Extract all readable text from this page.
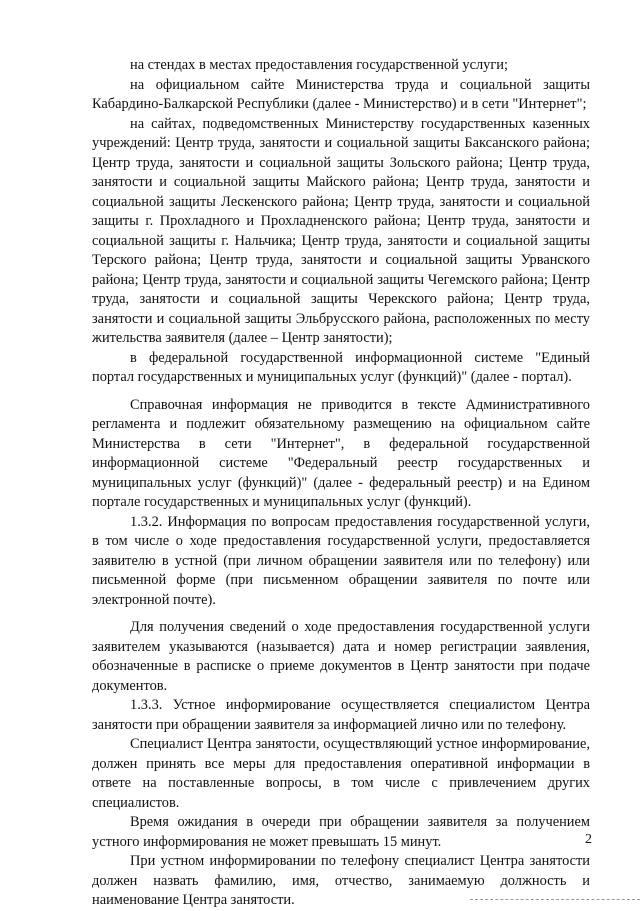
на стендах в местах предоставления государственной услуги;

на официальном сайте Министерства труда и социальной защиты Кабардино-Балкарской Республики (далее - Министерство) и в сети "Интернет";

на сайтах, подведомственных Министерству государственных казенных учреждений: Центр труда, занятости и социальной защиты Баксанского района; Центр труда, занятости и социальной защиты Зольского района; Центр труда, занятости и социальной защиты Майского района; Центр труда, занятости и социальной защиты Лескенского района; Центр труда, занятости и социальной защиты г. Прохладного и Прохладненского района; Центр труда, занятости и социальной защиты г. Нальчика; Центр труда, занятости и социальной защиты Терского района; Центр труда, занятости и социальной защиты Урванского района; Центр труда, занятости и социальной защиты Чегемского района; Центр труда, занятости и социальной защиты Черекского района; Центр труда, занятости и социальной защиты Эльбрусского района, расположенных по месту жительства заявителя (далее – Центр занятости);

в федеральной государственной информационной системе "Единый портал государственных и муниципальных услуг (функций)" (далее - портал).

Справочная информация не приводится в тексте Административного регламента и подлежит обязательному размещению на официальном сайте Министерства в сети "Интернет", в федеральной государственной информационной системе "Федеральный реестр государственных и муниципальных услуг (функций)" (далее - федеральный реестр) и на Едином портале государственных и муниципальных услуг (функций).

1.3.2. Информация по вопросам предоставления государственной услуги, в том числе о ходе предоставления государственной услуги, предоставляется заявителю в устной (при личном обращении заявителя или по телефону) или письменной форме (при письменном обращении заявителя по почте или электронной почте).

Для получения сведений о ходе предоставления государственной услуги заявителем указываются (называется) дата и номер регистрации заявления, обозначенные в расписке о приеме документов в Центр занятости при подаче документов.

1.3.3. Устное информирование осуществляется специалистом Центра занятости при обращении заявителя за информацией лично или по телефону.

Специалист Центра занятости, осуществляющий устное информирование, должен принять все меры для предоставления оперативной информации в ответе на поставленные вопросы, в том числе с привлечением других специалистов.

Время ожидания в очереди при обращении заявителя за получением устного информирования не может превышать 15 минут.

При устном информировании по телефону специалист Центра занятости должен назвать фамилию, имя, отчество, занимаемую должность и наименование Центра занятости.

2
